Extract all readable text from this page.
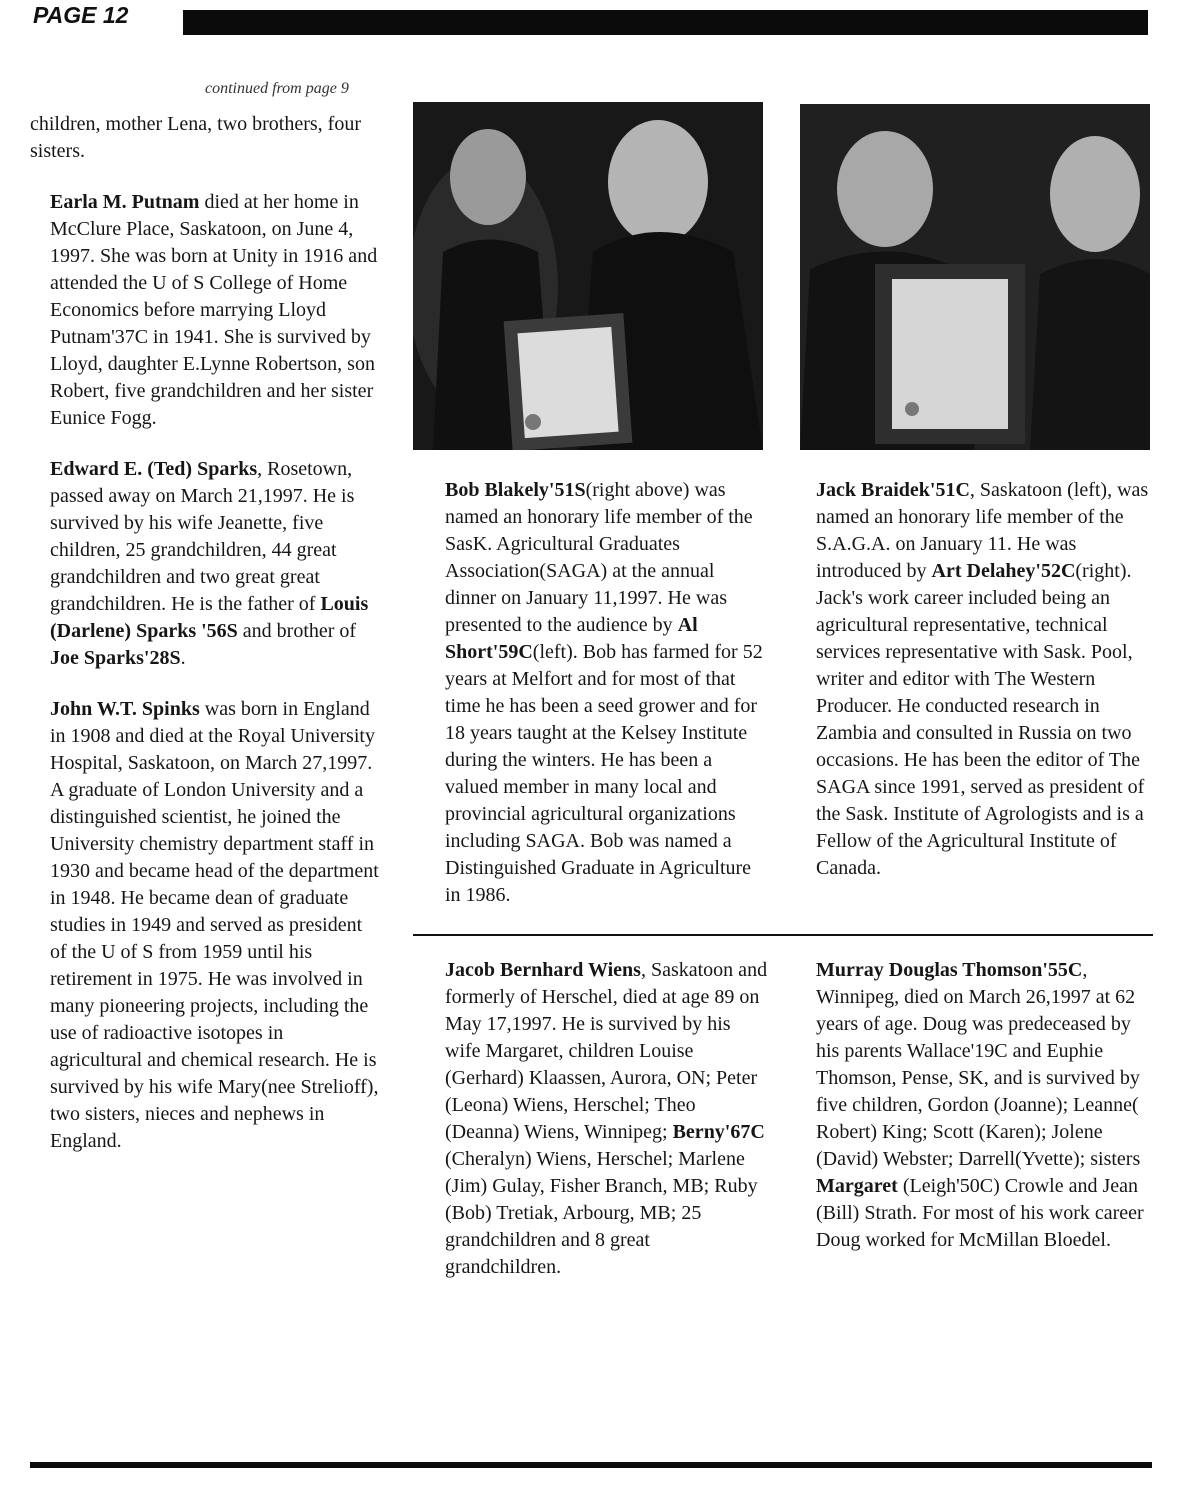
PAGE 12
continued from page 9

children, mother Lena, two brothers, four sisters.

Earla M. Putnam died at her home in McClure Place, Saskatoon, on June 4, 1997. She was born at Unity in 1916 and attended the U of S College of Home Economics before marrying Lloyd Putnam'37C in 1941. She is survived by Lloyd, daughter E.Lynne Robertson, son Robert, five grandchildren and her sister Eunice Fogg.

Edward E. (Ted) Sparks, Rosetown, passed away on March 21,1997. He is survived by his wife Jeanette, five children, 25 grandchildren, 44 great grandchildren and two great great grandchildren. He is the father of Louis (Darlene) Sparks '56S and brother of Joe Sparks'28S.

John W.T. Spinks was born in England in 1908 and died at the Royal University Hospital, Saskatoon, on March 27,1997. A graduate of London University and a distinguished scientist, he joined the University chemistry department staff in 1930 and became head of the department in 1948. He became dean of graduate studies in 1949 and served as president of the U of S from 1959 until his retirement in 1975. He was involved in many pioneering projects, including the use of radioactive isotopes in agricultural and chemical research. He is survived by his wife Mary(nee Strelioff), two sisters, nieces and nephews in England.

Bob Blakely'51S(right above) was named an honorary life member of the SasK. Agricultural Graduates Association(SAGA) at the annual dinner on January 11,1997. He was presented to the audience by Al Short'59C(left). Bob has farmed for 52 years at Melfort and for most of that time he has been a seed grower and for 18 years taught at the Kelsey Institute during the winters. He has been a valued member in many local and provincial agricultural organizations including SAGA. Bob was named a Distinguished Graduate in Agriculture in 1986.

Jacob Bernhard Wiens, Saskatoon and formerly of Herschel, died at age 89 on May 17,1997. He is survived by his wife Margaret, children Louise (Gerhard) Klaassen, Aurora, ON; Peter (Leona) Wiens, Herschel; Theo (Deanna) Wiens, Winnipeg; Berny'67C (Cheralyn) Wiens, Herschel; Marlene (Jim) Gulay, Fisher Branch, MB; Ruby (Bob) Tretiak, Arbourg, MB; 25 grandchildren and 8 great grandchildren.

Jack Braidek'51C, Saskatoon (left), was named an honorary life member of the S.A.G.A. on January 11. He was introduced by Art Delahey'52C(right). Jack's work career included being an agricultural representative, technical services representative with Sask. Pool, writer and editor with The Western Producer. He conducted research in Zambia and consulted in Russia on two occasions. He has been the editor of The SAGA since 1991, served as president of the Sask. Institute of Agrologists and is a Fellow of the Agricultural Institute of Canada.

Murray Douglas Thomson'55C, Winnipeg, died on March 26,1997 at 62 years of age. Doug was predeceased by his parents Wallace'19C and Euphie Thomson, Pense, SK, and is survived by five children, Gordon (Joanne); Leanne( Robert) King; Scott (Karen); Jolene (David) Webster; Darrell(Yvette); sisters Margaret (Leigh'50C) Crowle and Jean (Bill) Strath. For most of his work career Doug worked for McMillan Bloedel.
